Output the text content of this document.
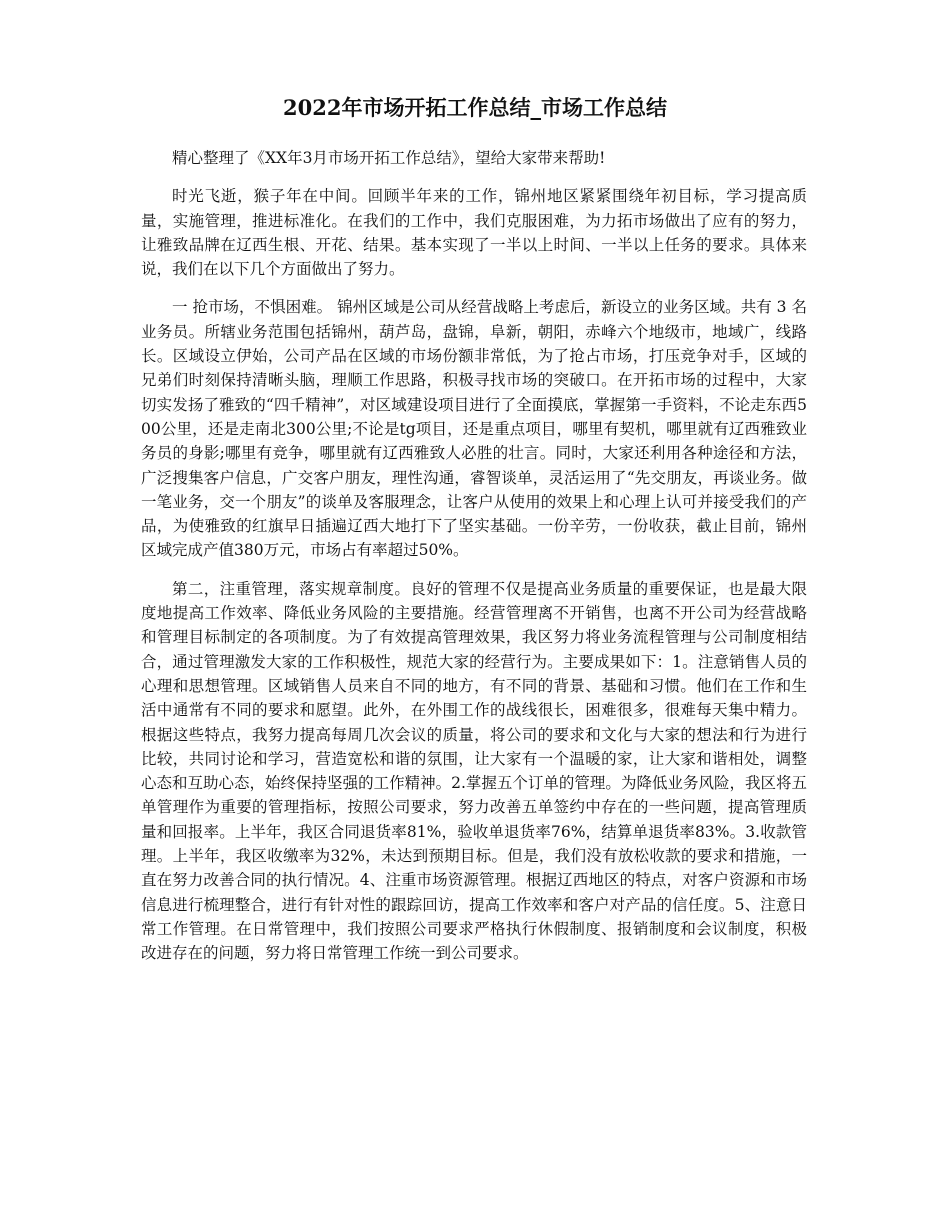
2022年市场开拓工作总结_市场工作总结

精心整理了《XX年3月市场开拓工作总结》，望给大家带来帮助!

时光飞逝，猴子年在中间。回顾半年来的工作，锦州地区紧紧围绕年初目标，学习提高质量，实施管理，推进标准化。在我们的工作中，我们克服困难，为力拓市场做出了应有的努力，让雅致品牌在辽西生根、开花、结果。基本实现了一半以上时间、一半以上任务的要求。具体来说，我们在以下几个方面做出了努力。

一 抢市场，不惧困难。 锦州区域是公司从经营战略上考虑后，新设立的业务区域。共有 3 名业务员。所辖业务范围包括锦州，葫芦岛，盘锦，阜新，朝阳，赤峰六个地级市，地域广，线路长。区域设立伊始，公司产品在区域的市场份额非常低，为了抢占市场，打压竞争对手，区域的兄弟们时刻保持清晰头脑，理顺工作思路，积极寻找市场的突破口。在开拓市场的过程中，大家切实发扬了雅致的“四千精神”，对区域建设项目进行了全面摸底，掌握第一手资料，不论走东西500公里，还是走南北300公里;不论是tg项目，还是重点项目，哪里有契机，哪里就有辽西雅致业务员的身影;哪里有竞争，哪里就有辽西雅致人必胜的壮言。同时，大家还利用各种途径和方法，广泛搜集客户信息，广交客户朋友，理性沟通，睿智谈单，灵活运用了“先交朋友，再谈业务。做一笔业务，交一个朋友”的谈单及客服理念，让客户从使用的效果上和心理上认可并接受我们的产品，为使雅致的红旗早日插遍辽西大地打下了坚实基础。一份辛劳，一份收获，截止目前，锦州区域完成产值380万元，市场占有率超过50%。

第二，注重管理，落实规章制度。良好的管理不仅是提高业务质量的重要保证，也是最大限度地提高工作效率、降低业务风险的主要措施。经营管理离不开销售，也离不开公司为经营战略和管理目标制定的各项制度。为了有效提高管理效果，我区努力将业务流程管理与公司制度相结合，通过管理激发大家的工作积极性，规范大家的经营行为。主要成果如下：1。注意销售人员的心理和思想管理。区域销售人员来自不同的地方，有不同的背景、基础和习惯。他们在工作和生活中通常有不同的要求和愿望。此外，在外围工作的战线很长，困难很多，很难每天集中精力。根据这些特点，我努力提高每周几次会议的质量，将公司的要求和文化与大家的想法和行为进行比较，共同讨论和学习，营造宽松和谐的氛围，让大家有一个温暖的家，让大家和谐相处，调整心态和互助心态，始终保持坚强的工作精神。2.掌握五个订单的管理。为降低业务风险，我区将五单管理作为重要的管理指标，按照公司要求，努力改善五单签约中存在的一些问题，提高管理质量和回报率。上半年，我区合同退货率81%，验收单退货率76%，结算单退货率83%。3.收款管理。上半年，我区收缴率为32%，未达到预期目标。但是，我们没有放松收款的要求和措施，一直在努力改善合同的执行情况。4、注重市场资源管理。根据辽西地区的特点，对客户资源和市场信息进行梳理整合，进行有针对性的跟踪回访，提高工作效率和客户对产品的信任度。5、注意日常工作管理。在日常管理中，我们按照公司要求严格执行休假制度、报销制度和会议制度，积极改进存在的问题，努力将日常管理工作统一到公司要求。
